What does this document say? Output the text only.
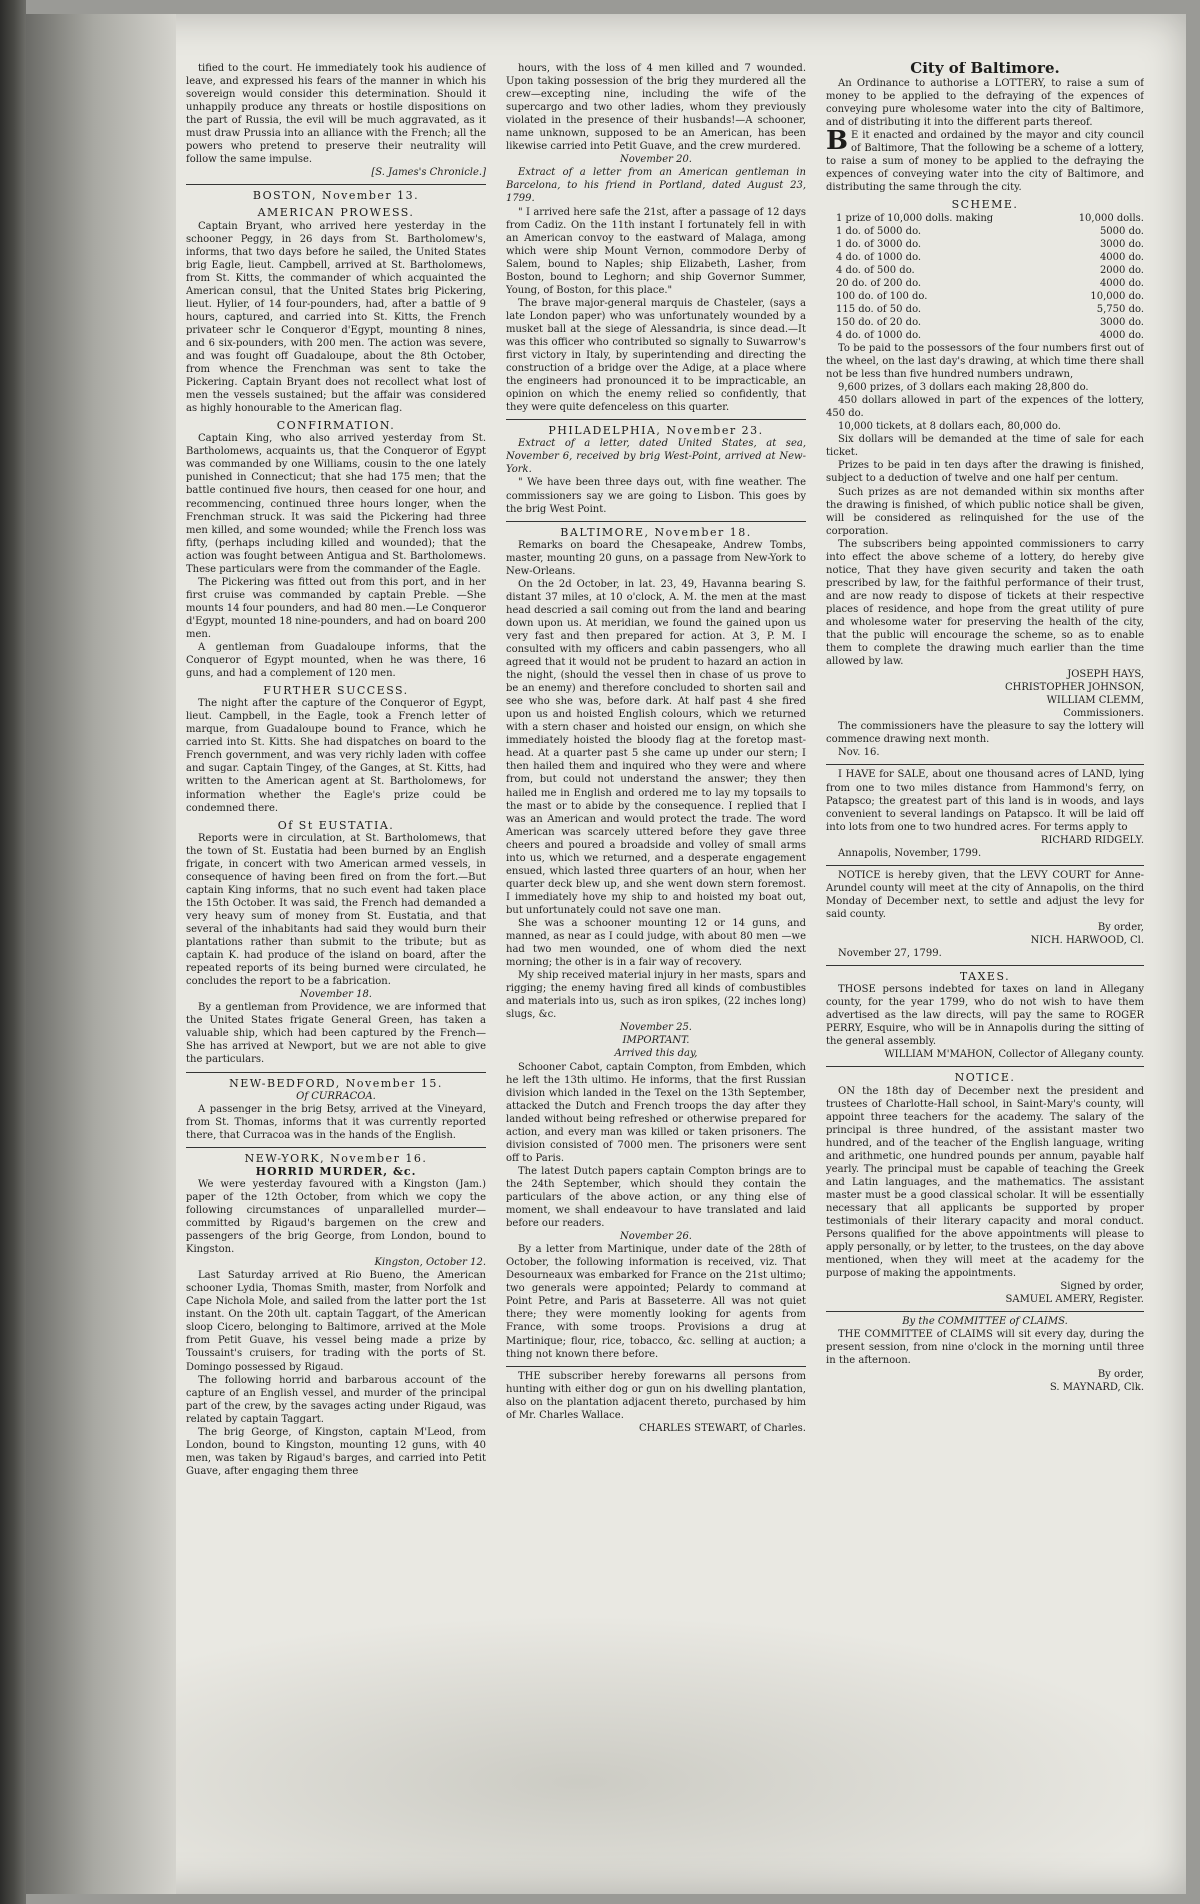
tified to the court. He immediately took his audience of leave, and expressed his fears of the manner in which his sovereign would consider this determination. Should it unhappily produce any threats or hostile dispositions on the part of Russia, the evil will be much aggravated, as it must draw Prussia into an alliance with the French; all the powers who pretend to preserve their neutrality will follow the same impulse.

[S. James's Chronicle.]

BOSTON, November 13.

AMERICAN PROWESS.

Captain Bryant, who arrived here yesterday in the schooner Peggy, in 26 days from St. Bartholomew's, informs, that two days before he sailed, the United States brig Eagle, lieut. Campbell, arrived at St. Bartholomews, from St. Kitts, the commander of which acquainted the American consul, that the United States brig Pickering, lieut. Hylier, of 14 four-pounders, had, after a battle of 9 hours, captured, and carried into St. Kitts, the French privateer schr le Conqueror d'Egypt, mounting 8 nines, and 6 six-pounders, with 200 men. The action was severe, and was fought off Guadaloupe, about the 8th October, from whence the Frenchman was sent to take the Pickering. Captain Bryant does not recollect what lost of men the vessels sustained; but the affair was considered as highly honourable to the American flag.

CONFIRMATION.

Captain King, who also arrived yesterday from St. Bartholomews, acquaints us, that the Conqueror of Egypt was commanded by one Williams, cousin to the one lately punished in Connecticut; that she had 175 men; that the battle continued five hours, then ceased for one hour, and recommencing, continued three hours longer, when the Frenchman struck. It was said the Pickering had three men killed, and some wounded; while the French loss was fifty, (perhaps including killed and wounded); that the action was fought between Antigua and St. Bartholomews. These particulars were from the commander of the Eagle.

The Pickering was fitted out from this port, and in her first cruise was commanded by captain Preble. —She mounts 14 four pounders, and had 80 men.—Le Conqueror d'Egypt, mounted 18 nine-pounders, and had on board 200 men.

A gentleman from Guadaloupe informs, that the Conqueror of Egypt mounted, when he was there, 16 guns, and had a complement of 120 men.

FURTHER SUCCESS.

The night after the capture of the Conqueror of Egypt, lieut. Campbell, in the Eagle, took a French letter of marque, from Guadaloupe bound to France, which he carried into St. Kitts. She had dispatches on board to the French government, and was very richly laden with coffee and sugar. Captain Tingey, of the Ganges, at St. Kitts, had written to the American agent at St. Bartholomews, for information whether the Eagle's prize could be condemned there.

Of St EUSTATIA.

Reports were in circulation, at St. Bartholomews, that the town of St. Eustatia had been burned by an English frigate, in concert with two American armed vessels, in consequence of having been fired on from the fort.—But captain King informs, that no such event had taken place the 15th October. It was said, the French had demanded a very heavy sum of money from St. Eustatia, and that several of the inhabitants had said they would burn their plantations rather than submit to the tribute; but as captain K. had produce of the island on board, after the repeated reports of its being burned were circulated, he concludes the report to be a fabrication.

November 18.

By a gentleman from Providence, we are informed that the United States frigate General Green, has taken a valuable ship, which had been captured by the French—She has arrived at Newport, but we are not able to give the particulars.

NEW-BEDFORD, November 15.

Of CURRACOA.

A passenger in the brig Betsy, arrived at the Vineyard, from St. Thomas, informs that it was currently reported there, that Curracoa was in the hands of the English.

NEW-YORK, November 16.

HORRID MURDER, &c.

We were yesterday favoured with a Kingston (Jam.) paper of the 12th October, from which we copy the following circumstances of unparallelled murder—committed by Rigaud's bargemen on the crew and passengers of the brig George, from London, bound to Kingston.

Kingston, October 12.

Last Saturday arrived at Rio Bueno, the American schooner Lydia, Thomas Smith, master, from Norfolk and Cape Nichola Mole, and sailed from the latter port the 1st instant. On the 20th ult. captain Taggart, of the American sloop Cicero, belonging to Baltimore, arrived at the Mole from Petit Guave, his vessel being made a prize by Toussaint's cruisers, for trading with the ports of St. Domingo possessed by Rigaud.

The following horrid and barbarous account of the capture of an English vessel, and murder of the principal part of the crew, by the savages acting under Rigaud, was related by captain Taggart.

The brig George, of Kingston, captain M'Leod, from London, bound to Kingston, mounting 12 guns, with 40 men, was taken by Rigaud's barges, and carried into Petit Guave, after engaging them three

hours, with the loss of 4 men killed and 7 wounded. Upon taking possession of the brig they murdered all the crew—excepting nine, including the wife of the supercargo and two other ladies, whom they previously violated in the presence of their husbands!—A schooner, name unknown, supposed to be an American, has been likewise carried into Petit Guave, and the crew murdered.

November 20.

Extract of a letter from an American gentleman in Barcelona, to his friend in Portland, dated August 23, 1799.

" I arrived here safe the 21st, after a passage of 12 days from Cadiz. On the 11th instant I fortunately fell in with an American convoy to the eastward of Malaga, among which were ship Mount Vernon, commodore Derby of Salem, bound to Naples; ship Elizabeth, Lasher, from Boston, bound to Leghorn; and ship Governor Summer, Young, of Boston, for this place."

The brave major-general marquis de Chasteler, (says a late London paper) who was unfortunately wounded by a musket ball at the siege of Alessandria, is since dead.—It was this officer who contributed so signally to Suwarrow's first victory in Italy, by superintending and directing the construction of a bridge over the Adige, at a place where the engineers had pronounced it to be impracticable, an opinion on which the enemy relied so confidently, that they were quite defenceless on this quarter.

PHILADELPHIA, November 23.

Extract of a letter, dated United States, at sea, November 6, received by brig West-Point, arrived at New-York.

" We have been three days out, with fine weather. The commissioners say we are going to Lisbon. This goes by the brig West Point.

BALTIMORE, November 18.

Remarks on board the Chesapeake, Andrew Tombs, master, mounting 20 guns, on a passage from New-York to New-Orleans.

On the 2d October, in lat. 23, 49, Havanna bearing S. distant 37 miles, at 10 o'clock, A. M. the men at the mast head descried a sail coming out from the land and bearing down upon us. At meridian, we found the gained upon us very fast and then prepared for action. At 3, P. M. I consulted with my officers and cabin passengers, who all agreed that it would not be prudent to hazard an action in the night, (should the vessel then in chase of us prove to be an enemy) and therefore concluded to shorten sail and see who she was, before dark. At half past 4 she fired upon us and hoisted English colours, which we returned with a stern chaser and hoisted our ensign, on which she immediately hoisted the bloody flag at the foretop mast-head. At a quarter past 5 she came up under our stern; I then hailed them and inquired who they were and where from, but could not understand the answer; they then hailed me in English and ordered me to lay my topsails to the mast or to abide by the consequence. I replied that I was an American and would protect the trade. The word American was scarcely uttered before they gave three cheers and poured a broadside and volley of small arms into us, which we returned, and a desperate engagement ensued, which lasted three quarters of an hour, when her quarter deck blew up, and she went down stern foremost. I immediately hove my ship to and hoisted my boat out, but unfortunately could not save one man.

She was a schooner mounting 12 or 14 guns, and manned, as near as I could judge, with about 80 men —we had two men wounded, one of whom died the next morning; the other is in a fair way of recovery.

My ship received material injury in her masts, spars and rigging; the enemy having fired all kinds of combustibles and materials into us, such as iron spikes, (22 inches long) slugs, &c.

November 25.

IMPORTANT.

Arrived this day,

Schooner Cabot, captain Compton, from Embden, which he left the 13th ultimo. He informs, that the first Russian division which landed in the Texel on the 13th September, attacked the Dutch and French troops the day after they landed without being refreshed or otherwise prepared for action, and every man was killed or taken prisoners. The division consisted of 7000 men. The prisoners were sent off to Paris.

The latest Dutch papers captain Compton brings are to the 24th September, which should they contain the particulars of the above action, or any thing else of moment, we shall endeavour to have translated and laid before our readers.

November 26.

By a letter from Martinique, under date of the 28th of October, the following information is received, viz. That Desourneaux was embarked for France on the 21st ultimo; two generals were appointed; Pelardy to command at Point Petre, and Paris at Basseterre. All was not quiet there; they were momently looking for agents from France, with some troops. Provisions a drug at Martinique; flour, rice, tobacco, &c. selling at auction; a thing not known there before.

THE subscriber hereby forewarns all persons from hunting with either dog or gun on his dwelling plantation, also on the plantation adjacent thereto, purchased by him of Mr. Charles Wallace.

CHARLES STEWART, of Charles.

City of Baltimore.

An Ordinance to authorise a LOTTERY, to raise a sum of money to be applied to the defraying of the expences of conveying pure wholesome water into the city of Baltimore, and of distributing it into the different parts thereof.

B E it enacted and ordained by the mayor and city council of Baltimore, That the following be a scheme of a lottery, to raise a sum of money to be applied to the defraying the expences of conveying water into the city of Baltimore, and distributing the same through the city.

SCHEME.

1 prize of 10,000 dolls. making	10,000 dolls.
1 do. of 5000 do.	5000 do.
1 do. of 3000 do.	3000 do.
4 do. of 1000 do.	4000 do.
4 do. of 500 do.	2000 do.
20 do. of 200 do.	4000 do.
100 do. of 100 do.	10,000 do.
115 do. of 50 do.	5,750 do.
150 do. of 20 do.	3000 do.
4 do. of 1000 do.	4000 do.

To be paid to the possessors of the four numbers first out of the wheel, on the last day's drawing, at which time there shall not be less than five hundred numbers undrawn,

9,600 prizes, of 3 dollars each making 28,800 do.

450 dollars allowed in part of the expences of the lottery, 450 do.

10,000 tickets, at 8 dollars each, 80,000 do.

Six dollars will be demanded at the time of sale for each ticket.

Prizes to be paid in ten days after the drawing is finished, subject to a deduction of twelve and one half per centum.

Such prizes as are not demanded within six months after the drawing is finished, of which public notice shall be given, will be considered as relinquished for the use of the corporation.

The subscribers being appointed commissioners to carry into effect the above scheme of a lottery, do hereby give notice, That they have given security and taken the oath prescribed by law, for the faithful performance of their trust, and are now ready to dispose of tickets at their respective places of residence, and hope from the great utility of pure and wholesome water for preserving the health of the city, that the public will encourage the scheme, so as to enable them to complete the drawing much earlier than the time allowed by law.

JOSEPH HAYS,

CHRISTOPHER JOHNSON,

WILLIAM CLEMM,

Commissioners.

The commissioners have the pleasure to say the lottery will commence drawing next month.

Nov. 16.

I HAVE for SALE, about one thousand acres of LAND, lying from one to two miles distance from Hammond's ferry, on Patapsco; the greatest part of this land is in woods, and lays convenient to several landings on Patapsco. It will be laid off into lots from one to two hundred acres. For terms apply to

RICHARD RIDGELY.

Annapolis, November, 1799.

NOTICE is hereby given, that the LEVY COURT for Anne-Arundel county will meet at the city of Annapolis, on the third Monday of December next, to settle and adjust the levy for said county.

By order,

NICH. HARWOOD, Cl.

November 27, 1799.

TAXES.

THOSE persons indebted for taxes on land in Allegany county, for the year 1799, who do not wish to have them advertised as the law directs, will pay the same to ROGER PERRY, Esquire, who will be in Annapolis during the sitting of the general assembly.

WILLIAM M'MAHON, Collector of Allegany county.

NOTICE.

ON the 18th day of December next the president and trustees of Charlotte-Hall school, in Saint-Mary's county, will appoint three teachers for the academy. The salary of the principal is three hundred, of the assistant master two hundred, and of the teacher of the English language, writing and arithmetic, one hundred pounds per annum, payable half yearly. The principal must be capable of teaching the Greek and Latin languages, and the mathematics. The assistant master must be a good classical scholar. It will be essentially necessary that all applicants be supported by proper testimonials of their literary capacity and moral conduct. Persons qualified for the above appointments will please to apply personally, or by letter, to the trustees, on the day above mentioned, when they will meet at the academy for the purpose of making the appointments.

Signed by order,

SAMUEL AMERY, Register.

By the COMMITTEE of CLAIMS.

THE COMMITTEE of CLAIMS will sit every day, during the present session, from nine o'clock in the morning until three in the afternoon.

By order,

S. MAYNARD, Clk.
